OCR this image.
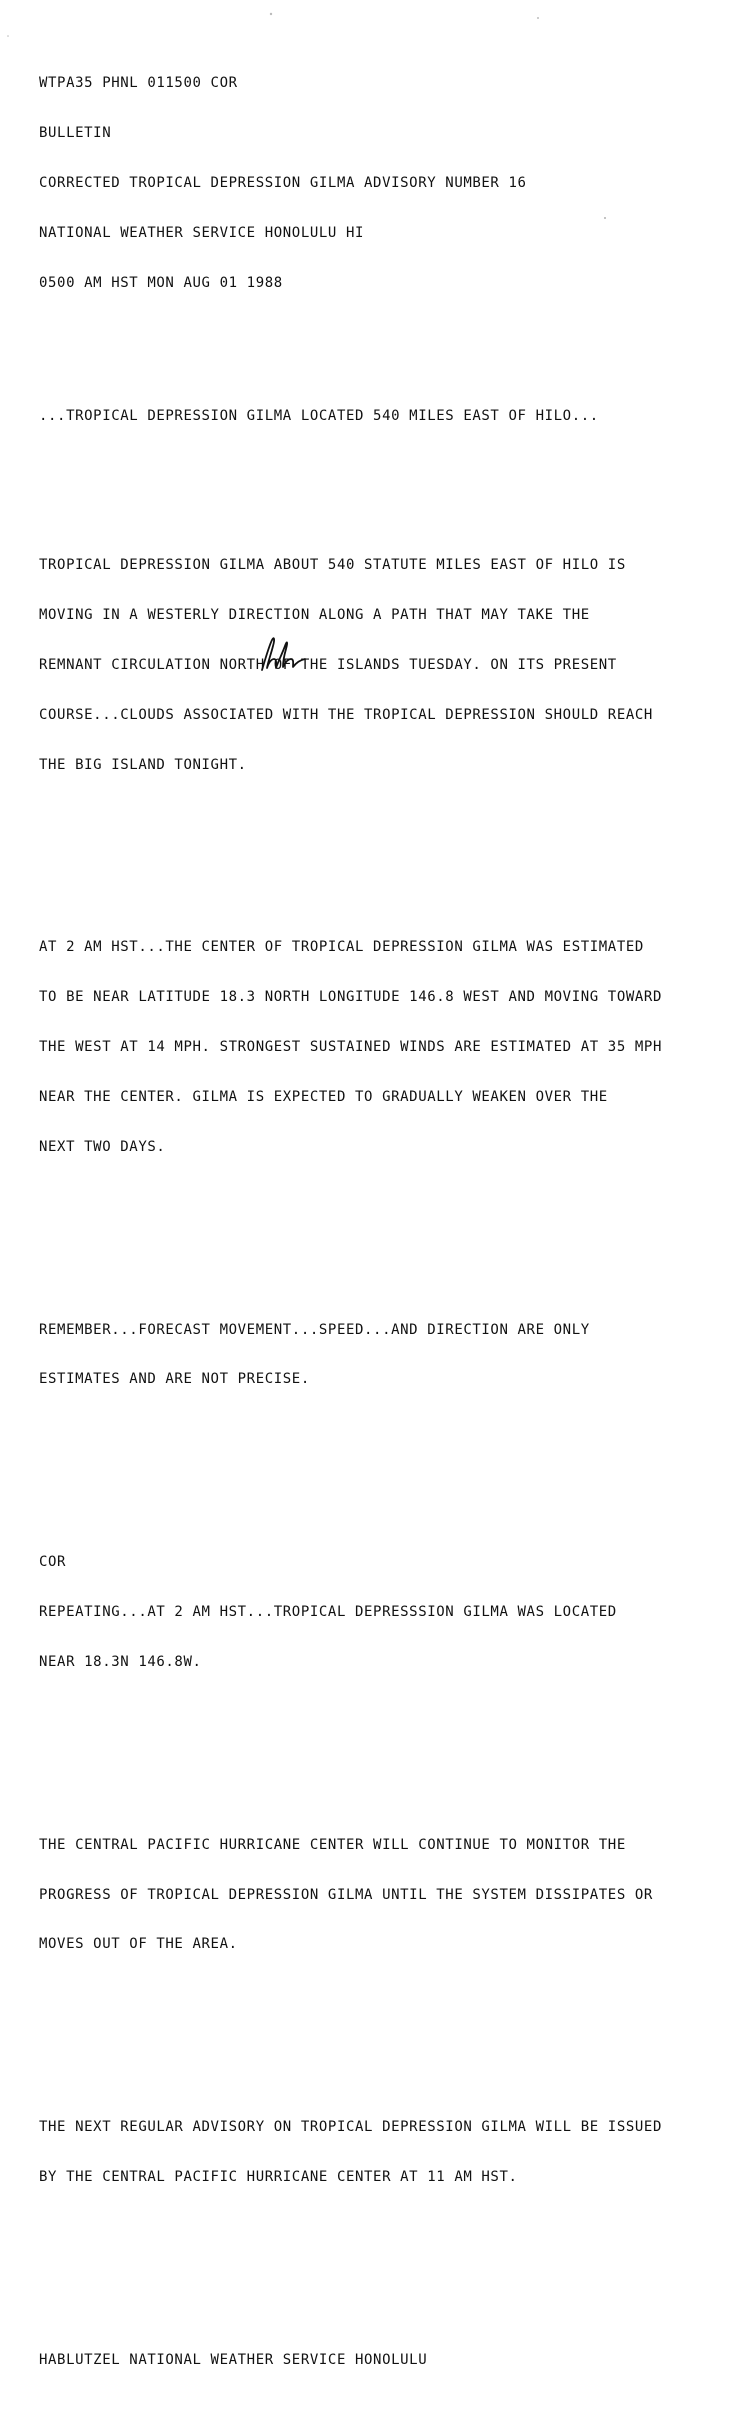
WTPA35 PHNL 011500 COR

BULLETIN

CORRECTED TROPICAL DEPRESSION GILMA ADVISORY NUMBER 16

NATIONAL WEATHER SERVICE HONOLULU HI

0500 AM HST MON AUG 01 1988

...TROPICAL DEPRESSION GILMA LOCATED 540 MILES EAST OF HILO...

TROPICAL DEPRESSION GILMA ABOUT 540 STATUTE MILES EAST OF HILO IS

MOVING IN A WESTERLY DIRECTION ALONG A PATH THAT MAY TAKE THE

REMNANT CIRCULATION NORTH OF THE ISLANDS TUESDAY. ON ITS PRESENT

COURSE...CLOUDS ASSOCIATED WITH THE TROPICAL DEPRESSION SHOULD REACH

THE BIG ISLAND TONIGHT.

AT 2 AM HST...THE CENTER OF TROPICAL DEPRESSION GILMA WAS ESTIMATED

TO BE NEAR LATITUDE 18.3 NORTH LONGITUDE 146.8 WEST AND MOVING TOWARD

THE WEST AT 14 MPH. STRONGEST SUSTAINED WINDS ARE ESTIMATED AT 35 MPH

NEAR THE CENTER. GILMA IS EXPECTED TO GRADUALLY WEAKEN OVER THE

NEXT TWO DAYS.

REMEMBER...FORECAST MOVEMENT...SPEED...AND DIRECTION ARE ONLY

ESTIMATES AND ARE NOT PRECISE.

COR

REPEATING...AT 2 AM HST...TROPICAL DEPRESSSION GILMA WAS LOCATED

NEAR 18.3N 146.8W.

THE CENTRAL PACIFIC HURRICANE CENTER WILL CONTINUE TO MONITOR THE

PROGRESS OF TROPICAL DEPRESSION GILMA UNTIL THE SYSTEM DISSIPATES OR

MOVES OUT OF THE AREA.

THE NEXT REGULAR ADVISORY ON TROPICAL DEPRESSION GILMA WILL BE ISSUED

BY THE CENTRAL PACIFIC HURRICANE CENTER AT 11 AM HST.

HABLUTZEL NATIONAL WEATHER SERVICE HONOLULU
